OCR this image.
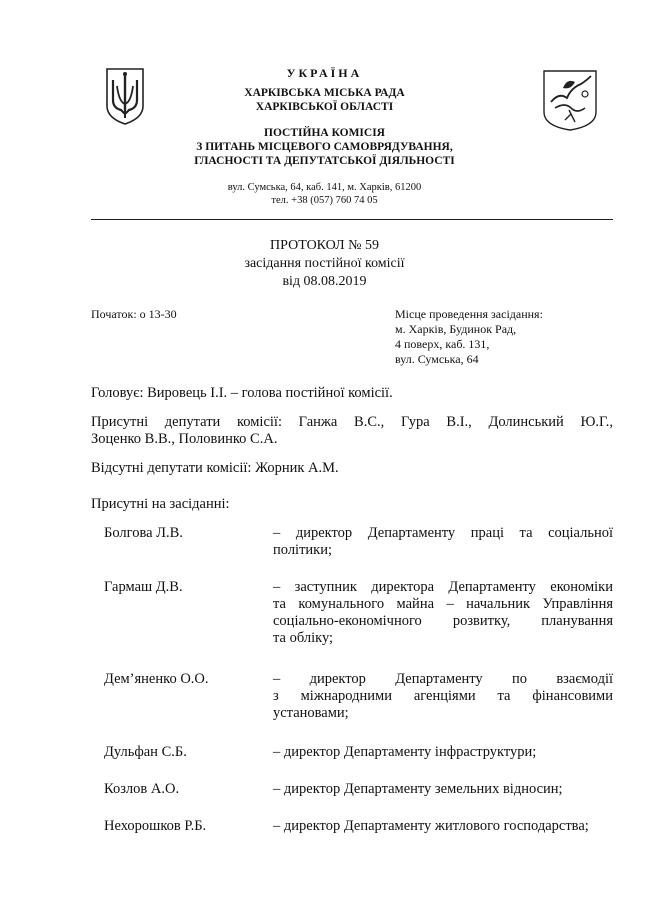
УКРАЇНА
ХАРКІВСЬКА МІСЬКА РАДА
ХАРКІВСЬКОЇ ОБЛАСТІ
ПОСТІЙНА КОМІСІЯ
З ПИТАНЬ МІСЦЕВОГО САМОВРЯДУВАННЯ,
ГЛАСНОСТІ ТА ДЕПУТАТСЬКОЇ ДІЯЛЬНОСТІ
вул. Сумська, 64, каб. 141, м. Харків, 61200
тел. +38 (057) 760 74 05
ПРОТОКОЛ № 59
засідання постійної комісії
від 08.08.2019
Початок: о 13-30	Місце проведення засідання:
м. Харків, Будинок Рад,
4 поверх, каб. 131,
вул. Сумська, 64
Головує: Вировець І.І. – голова постійної комісії.
Присутні депутати комісії: Ганжа В.С., Гура В.І., Долинський Ю.Г.,
Зоценко В.В., Половинко С.А.
Відсутні депутати комісії: Жорник А.М.
Присутні на засіданні:
Болгова Л.В.	– директор Департаменту праці та соціальної
політики;
Гармаш Д.В.	– заступник директора Департаменту економіки
та комунального майна – начальник Управління
соціально-економічного розвитку, планування
та обліку;
Дем’яненко О.О.	– директор Департаменту по взаємодії
з міжнародними агенціями та фінансовими
установами;
Дульфан С.Б.	– директор Департаменту інфраструктури;
Козлов А.О.	– директор Департаменту земельних відносин;
Нехорошков Р.Б.	– директор Департаменту житлового господарства;
